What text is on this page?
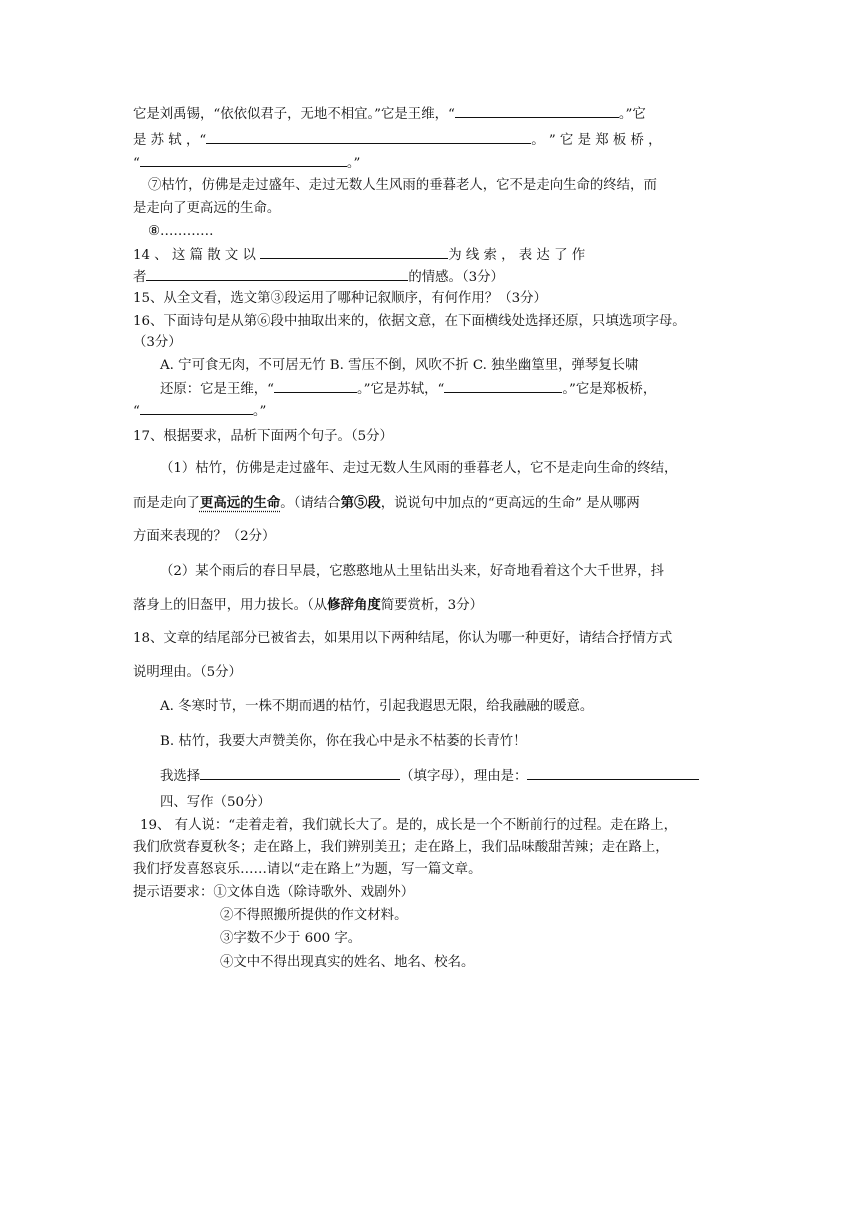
它是刘禹锡，“依依似君子，无地不相宜。”它是王维，“	。”它
是 苏 轼 ，“	。 ” 它 是 郑 板 桥 ，
“	。”
⑦枯竹，仿佛是走过盛年、走过无数人生风雨的垂暮老人，它不是走向生命的终结，而
是走向了更高远的生命。
⑧…………
14 、 这 篇 散 文 以	为 线 索 ， 表 达 了 作
者	的情感。（3分）
15、从全文看，选文第③段运用了哪种记叙顺序，有何作用？（3分）
16、下面诗句是从第⑥段中抽取出来的，依据文意，在下面横线处选择还原，只填选项字母。
（3分）
A. 宁可食无肉，不可居无竹 B. 雪压不倒，风吹不折 C. 独坐幽篁里，弹琴复长啸
还原：它是王维，“	。”它是苏轼，“	。”它是郑板桥，
“	。”
17、根据要求，品析下面两个句子。（5分）
（1）枯竹，仿佛是走过盛年、走过无数人生风雨的垂暮老人，它不是走向生命的终结，
而是走向了更高远的生命。（请结合第⑤段，说说句中加点的“更高远的生命” 是从哪两
方面来表现的？（2分）
（2）某个雨后的春日早晨，它憨憨地从土里钻出头来，好奇地看着这个大千世界，抖
落身上的旧盔甲，用力拔长。（从修辞角度简要赏析，3分）
18、文章的结尾部分已被省去，如果用以下两种结尾，你认为哪一种更好，请结合抒情方式
说明理由。（5分）
A. 冬寒时节，一株不期而遇的枯竹，引起我遐思无限，给我融融的暖意。
B. 枯竹，我要大声赞美你，你在我心中是永不枯萎的长青竹！
我选择	（填字母），理由是：
四、写作（50分）
19、 有人说：“走着走着，我们就长大了。是的，成长是一个不断前行的过程。走在路上，
我们欣赏春夏秋冬；走在路上，我们辨别美丑；走在路上，我们品味酸甜苦辣；走在路上，
我们抒发喜怒哀乐……请以“走在路上”为题，写一篇文章。
提示语要求：①文体自选（除诗歌外、戏剧外）
②不得照搬所提供的作文材料。
③字数不少于 600 字。
④文中不得出现真实的姓名、地名、校名。
